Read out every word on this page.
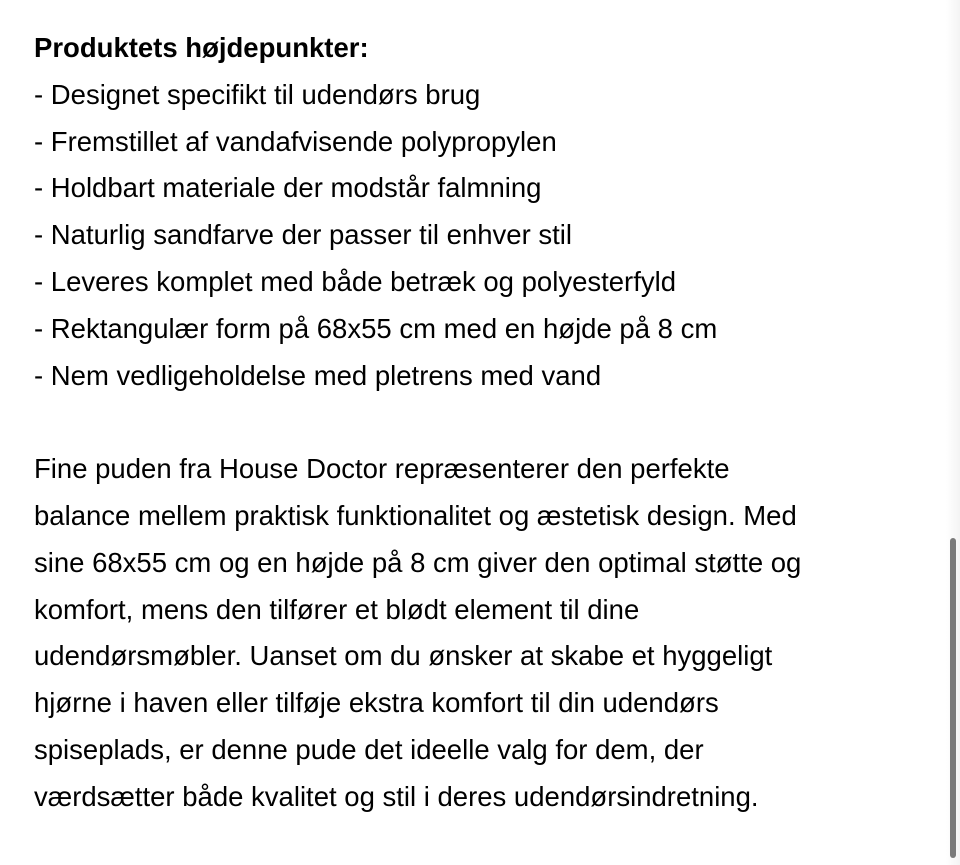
Produktets højdepunkter:

- Designet specifikt til udendørs brug
- Fremstillet af vandafvisende polypropylen
- Holdbart materiale der modstår falmning
- Naturlig sandfarve der passer til enhver stil
- Leveres komplet med både betræk og polyesterfyld
- Rektangulær form på 68x55 cm med en højde på 8 cm
- Nem vedligeholdelse med pletrens med vand

Fine puden fra House Doctor repræsenterer den perfekte
balance mellem praktisk funktionalitet og æstetisk design. Med
sine 68x55 cm og en højde på 8 cm giver den optimal støtte og
komfort, mens den tilfører et blødt element til dine
udendørsmøbler. Uanset om du ønsker at skabe et hyggeligt
hjørne i haven eller tilføje ekstra komfort til din udendørs
spiseplads, er denne pude det ideelle valg for dem, der
værdsætter både kvalitet og stil i deres udendørsindretning.
